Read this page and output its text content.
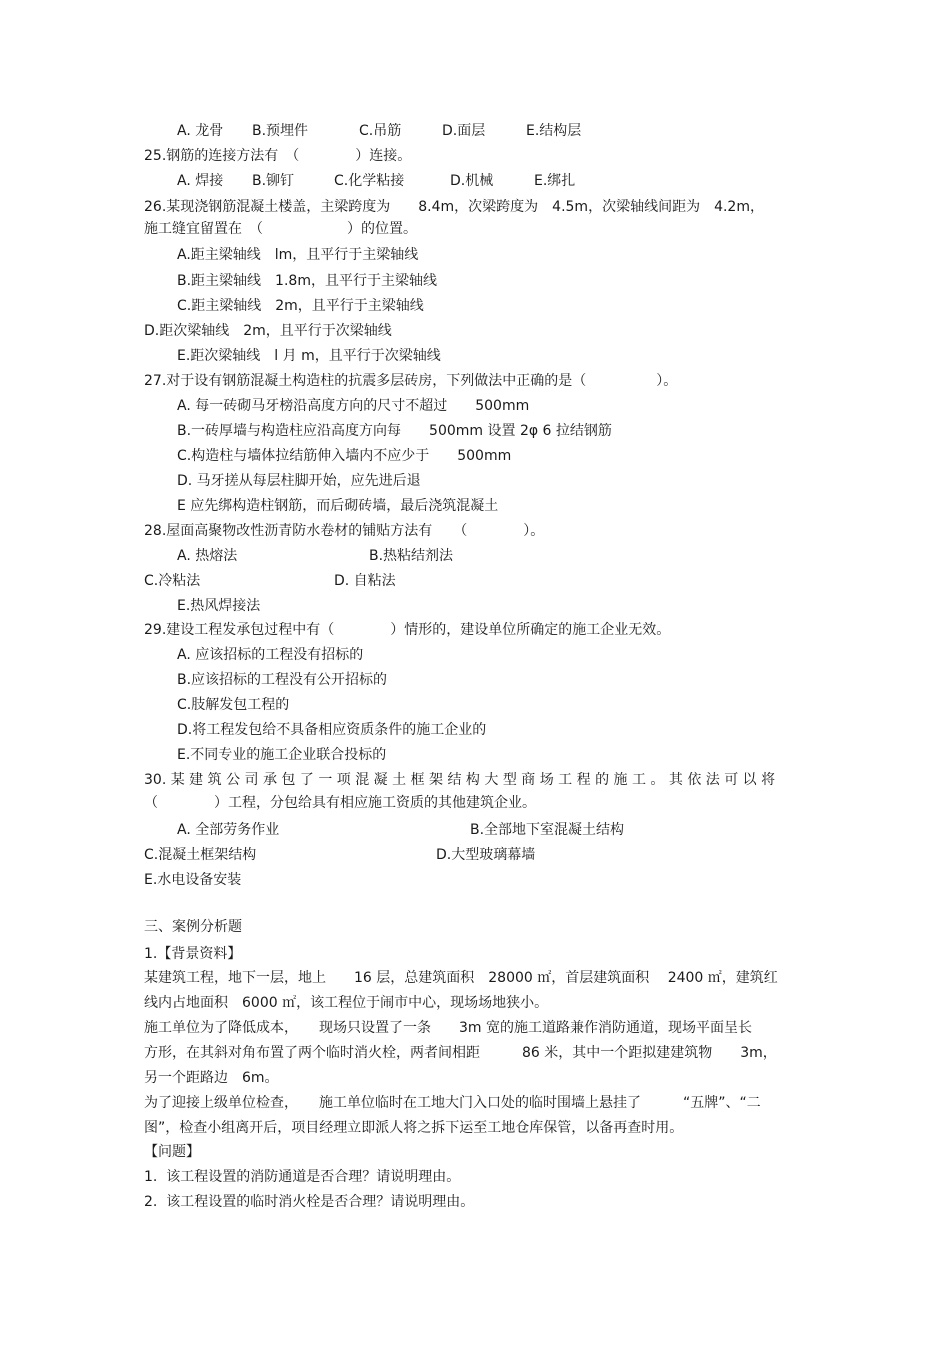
A. 龙骨

B.预埋件

	C.吊筋

	D.面层

	E.结构层

25.钢筋的连接方法有　（　　　　）连接。

A. 焊接

B.铆钉

	C.化学粘接

	D.机械

	E.绑扎

26.某现浇钢筋混凝土楼盖，主梁跨度为　　8.4m，次梁跨度为　4.5m，次梁轴线间距为　4.2m，
施工缝宜留置在　（　　　　　　）的位置。
A.距主梁轴线　lm，且平行于主梁轴线
B.距主梁轴线　1.8m，且平行于主梁轴线
C.距主梁轴线　2m，且平行于主梁轴线
D.距次梁轴线　2m，且平行于次梁轴线
E.距次梁轴线　l 月 m，且平行于次梁轴线
27.对于设有钢筋混凝土构造柱的抗震多层砖房，下列做法中正确的是（　　　　　）。
A. 每一砖砌马牙榜沿高度方向的尺寸不超过　　500mm
B.一砖厚墙与构造柱应沿高度方向每　　500mm 设置 2φ 6 拉结钢筋
C.构造柱与墙体拉结筋伸入墙内不应少于　　500mm
D. 马牙搓从每层柱脚开始，应先进后退
E 应先绑构造柱钢筋，而后砌砖墙，最后浇筑混凝土
28.屋面高聚物改性沥青防水卷材的铺贴方法有　　（　　　　）。

A. 热熔法

	B.热粘结剂法

C.冷粘法

	D. 自粘法

E.热风焊接法
29.建设工程发承包过程中有（　　　　）情形的，建设单位所确定的施工企业无效。
A. 应该招标的工程没有招标的
B.应该招标的工程没有公开招标的
C.肢解发包工程的
D.将工程发包给不具备相应资质条件的施工企业的
E.不同专业的施工企业联合投标的
30. 某 建 筑 公 司 承 包 了 一 项 混 凝 土 框 架 结 构 大 型 商 场 工 程 的 施 工 。 其 依 法 可 以 将
（　　　　）工程，分包给具有相应施工资质的其他建筑企业。

A. 全部劳务作业

	B.全部地下室混凝土结构

C.混凝土框架结构

	D.大型玻璃幕墙

E.水电设备安装
三、案例分析题
1.【背景资料】
某建筑工程，地下一层，地上　　16 层，总建筑面积　28000 ㎡，首层建筑面积　 2400 ㎡，建筑红
线内占地面积　6000 ㎡，该工程位于闹市中心，现场场地狭小。
施工单位为了降低成本，　　现场只设置了一条　　3m 宽的施工道路兼作消防通道，现场平面呈长
方形，在其斜对角布置了两个临时消火栓，两者间相距　　　86 米，其中一个距拟建建筑物　　3m，
另一个距路边　6m。
为了迎接上级单位检查，　　施工单位临时在工地大门入口处的临时围墙上悬挂了　　　“五牌”、“二
图”，检查小组离开后，项目经理立即派人将之拆下运至工地仓库保管，以备再查时用。
【问题】
1.  该工程设置的消防通道是否合理？请说明理由。
2.  该工程设置的临时消火栓是否合理？请说明理由。
